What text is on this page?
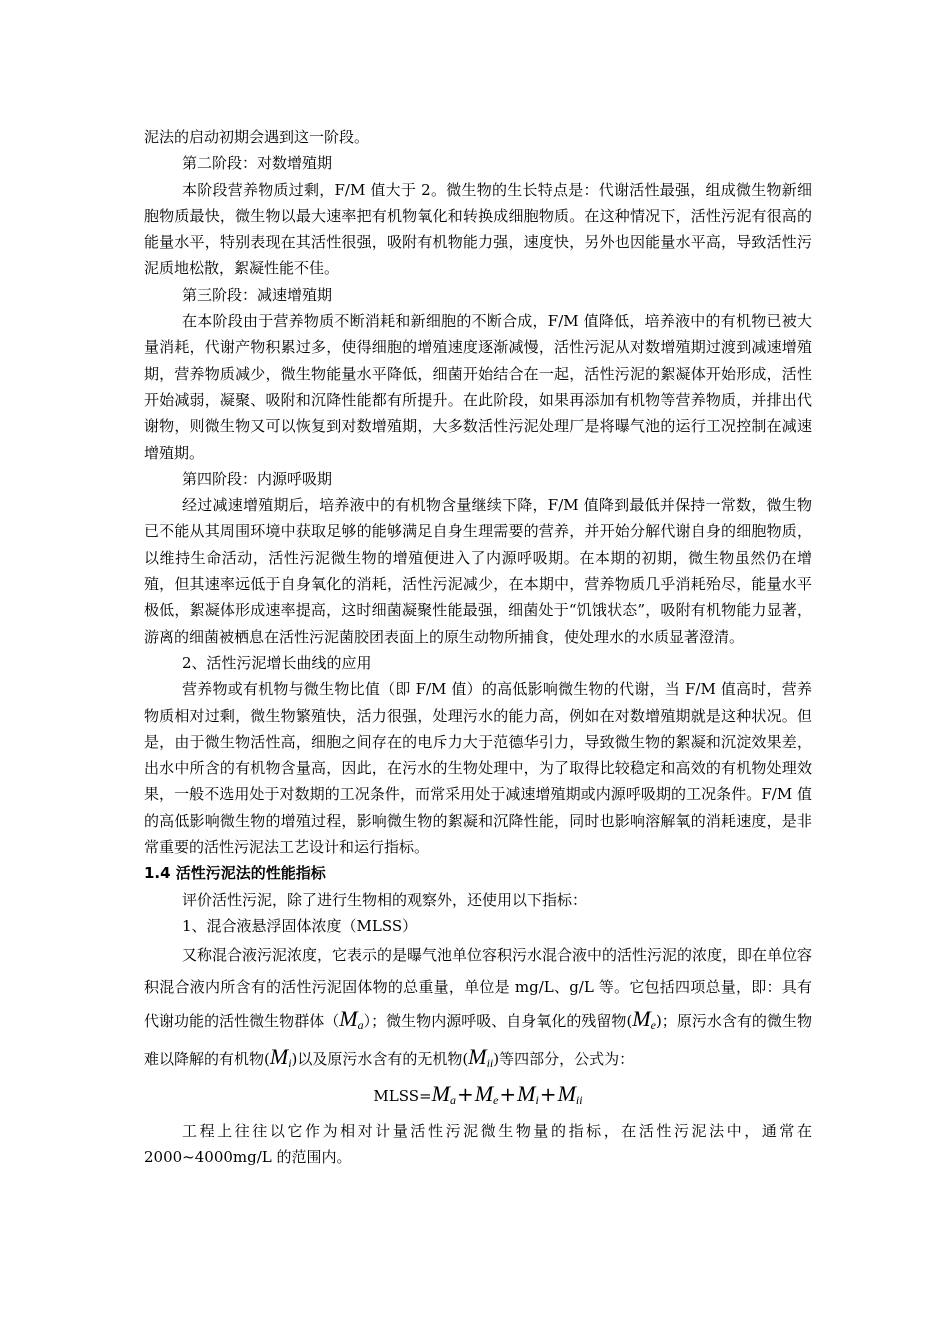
泥法的启动初期会遇到这一阶段。

第二阶段：对数增殖期

本阶段营养物质过剩，F/M 值大于 2。微生物的生长特点是：代谢活性最强，组成微生物新细胞物质最快，微生物以最大速率把有机物氧化和转换成细胞物质。在这种情况下，活性污泥有很高的能量水平，特别表现在其活性很强，吸附有机物能力强，速度快，另外也因能量水平高，导致活性污泥质地松散，絮凝性能不佳。

第三阶段：减速增殖期

在本阶段由于营养物质不断消耗和新细胞的不断合成，F/M 值降低，培养液中的有机物已被大量消耗，代谢产物积累过多，使得细胞的增殖速度逐渐减慢，活性污泥从对数增殖期过渡到减速增殖期，营养物质减少，微生物能量水平降低，细菌开始结合在一起，活性污泥的絮凝体开始形成，活性开始减弱，凝聚、吸附和沉降性能都有所提升。在此阶段，如果再添加有机物等营养物质，并排出代谢物，则微生物又可以恢复到对数增殖期，大多数活性污泥处理厂是将曝气池的运行工况控制在减速增殖期。

第四阶段：内源呼吸期

经过减速增殖期后，培养液中的有机物含量继续下降，F/M 值降到最低并保持一常数，微生物已不能从其周围环境中获取足够的能够满足自身生理需要的营养，并开始分解代谢自身的细胞物质，以维持生命活动，活性污泥微生物的增殖便进入了内源呼吸期。在本期的初期，微生物虽然仍在增殖，但其速率远低于自身氧化的消耗，活性污泥减少，在本期中，营养物质几乎消耗殆尽，能量水平极低，絮凝体形成速率提高，这时细菌凝聚性能最强，细菌处于“饥饿状态”，吸附有机物能力显著，游离的细菌被栖息在活性污泥菌胶团表面上的原生动物所捕食，使处理水的水质显著澄清。

2、活性污泥增长曲线的应用

营养物或有机物与微生物比值（即 F/M 值）的高低影响微生物的代谢，当 F/M 值高时，营养物质相对过剩，微生物繁殖快，活力很强，处理污水的能力高，例如在对数增殖期就是这种状况。但是，由于微生物活性高，细胞之间存在的电斥力大于范德华引力，导致微生物的絮凝和沉淀效果差，出水中所含的有机物含量高，因此，在污水的生物处理中，为了取得比较稳定和高效的有机物处理效果，一般不选用处于对数期的工况条件，而常采用处于减速增殖期或内源呼吸期的工况条件。F/M 值的高低影响微生物的增殖过程，影响微生物的絮凝和沉降性能，同时也影响溶解氧的消耗速度，是非常重要的活性污泥法工艺设计和运行指标。

1.4 活性污泥法的性能指标

评价活性污泥，除了进行生物相的观察外，还使用以下指标：

1、混合液悬浮固体浓度（MLSS）

又称混合液污泥浓度，它表示的是曝气池单位容积污水混合液中的活性污泥的浓度，即在单位容积混合液内所含有的活性污泥固体物的总重量，单位是 mg/L、g/L 等。它包括四项总量，即：具有代谢功能的活性微生物群体$(M_a)$；微生物内源呼吸、自身氧化的残留物$(M_e)$；原污水含有的微生物难以降解的有机物$(M_i)$以及原污水含有的无机物$(M_{ii})$等四部分，公式为：

$MLSS=M_a+M_e+M_i+M_{ii}$

工程上往往以它作为相对计量活性污泥微生物量的指标，在活性污泥法中，通常在 2000~4000mg/L 的范围内。
